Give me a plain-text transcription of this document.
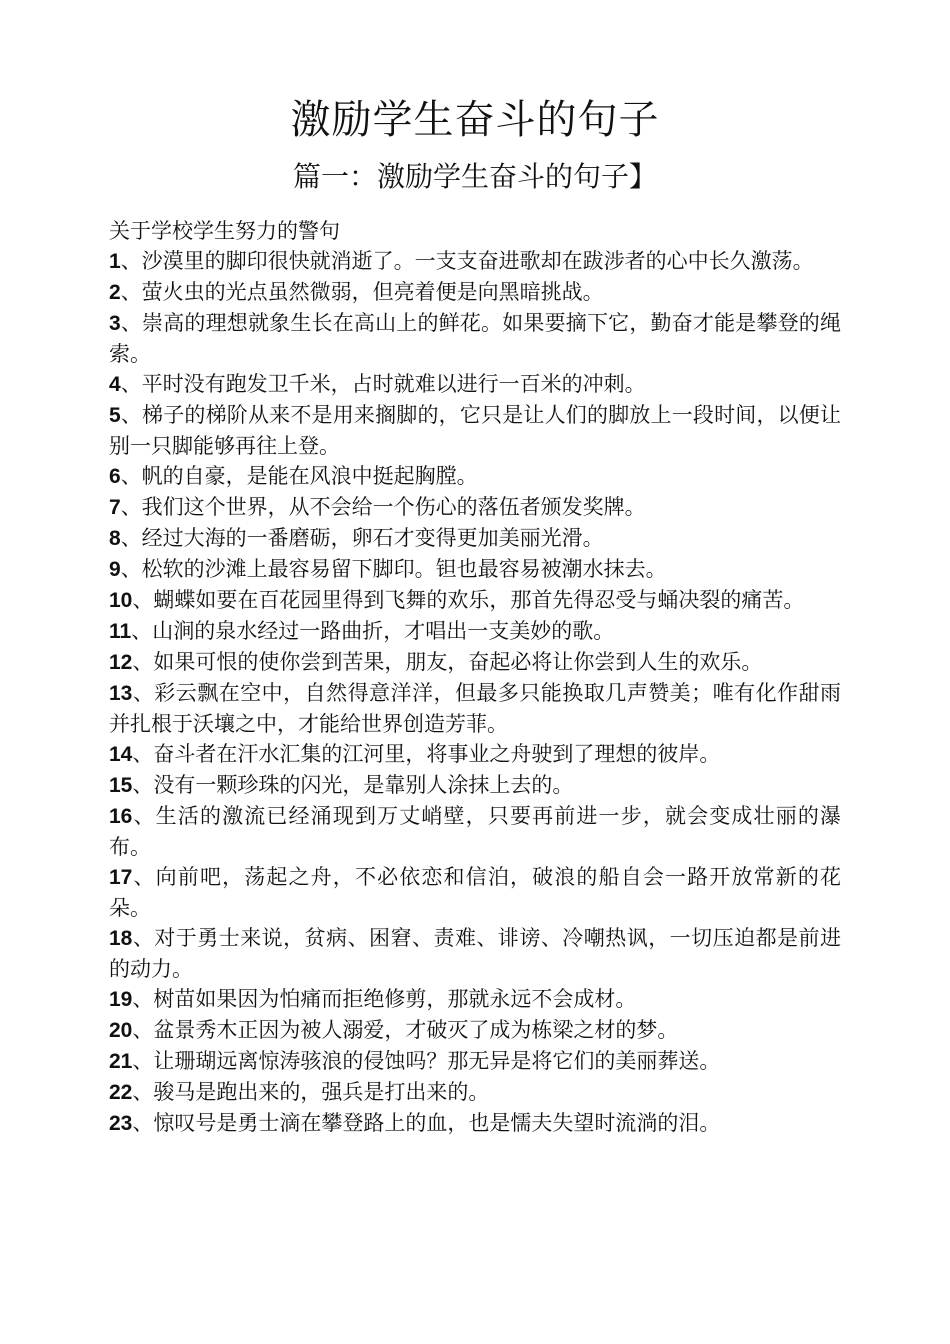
激励学生奋斗的句子
篇一：激励学生奋斗的句子】

关于学校学生努力的警句

1、沙漠里的脚印很快就消逝了。一支支奋进歌却在跋涉者的心中长久激荡。
2、萤火虫的光点虽然微弱，但亮着便是向黑暗挑战。
3、崇高的理想就象生长在高山上的鲜花。如果要摘下它，勤奋才能是攀登的绳索。
4、平时没有跑发卫千米，占时就难以进行一百米的冲刺。
5、梯子的梯阶从来不是用来搁脚的，它只是让人们的脚放上一段时间，以便让别一只脚能够再往上登。
6、帆的自豪，是能在风浪中挺起胸膛。
7、我们这个世界，从不会给一个伤心的落伍者颁发奖牌。
8、经过大海的一番磨砺，卵石才变得更加美丽光滑。
9、松软的沙滩上最容易留下脚印。钽也最容易被潮水抹去。
10、蝴蝶如要在百花园里得到飞舞的欢乐，那首先得忍受与蛹决裂的痛苦。
11、山涧的泉水经过一路曲折，才唱出一支美妙的歌。
12、如果可恨的使你尝到苦果，朋友，奋起必将让你尝到人生的欢乐。
13、彩云飘在空中，自然得意洋洋，但最多只能换取几声赞美；唯有化作甜雨并扎根于沃壤之中，才能给世界创造芳菲。
14、奋斗者在汗水汇集的江河里，将事业之舟驶到了理想的彼岸。
15、没有一颗珍珠的闪光，是靠别人涂抹上去的。
16、生活的激流已经涌现到万丈峭壁，只要再前进一步，就会变成壮丽的瀑布。
17、向前吧，荡起之舟，不必依恋和信泊，破浪的船自会一路开放常新的花朵。
18、对于勇士来说，贫病、困窘、责难、诽谤、冷嘲热讽，一切压迫都是前进的动力。
19、树苗如果因为怕痛而拒绝修剪，那就永远不会成材。
20、盆景秀木正因为被人溺爱，才破灭了成为栋梁之材的梦。
21、让珊瑚远离惊涛骇浪的侵蚀吗？那无异是将它们的美丽葬送。
22、骏马是跑出来的，强兵是打出来的。
23、惊叹号是勇士滴在攀登路上的血，也是懦夫失望时流淌的泪。
